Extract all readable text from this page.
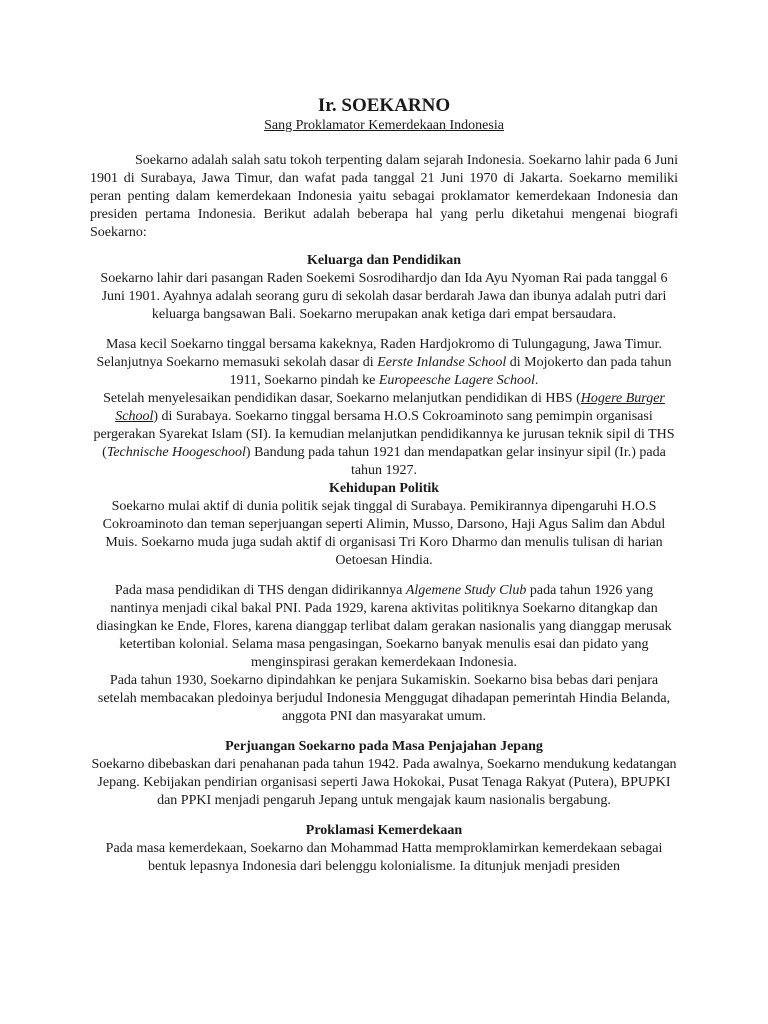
Ir. SOEKARNO

Sang Proklamator Kemerdekaan Indonesia

Soekarno adalah salah satu tokoh terpenting dalam sejarah Indonesia. Soekarno lahir pada 6 Juni 1901 di Surabaya, Jawa Timur, dan wafat pada tanggal 21 Juni 1970 di Jakarta. Soekarno memiliki peran penting dalam kemerdekaan Indonesia yaitu sebagai proklamator kemerdekaan Indonesia dan presiden pertama Indonesia. Berikut adalah beberapa hal yang perlu diketahui mengenai biografi Soekarno:

Keluarga dan Pendidikan

Soekarno lahir dari pasangan Raden Soekemi Sosrodihardjo dan Ida Ayu Nyoman Rai pada tanggal 6 Juni 1901. Ayahnya adalah seorang guru di sekolah dasar berdarah Jawa dan ibunya adalah putri dari keluarga bangsawan Bali. Soekarno merupakan anak ketiga dari empat bersaudara.

Masa kecil Soekarno tinggal bersama kakeknya, Raden Hardjokromo di Tulungagung, Jawa Timur. Selanjutnya Soekarno memasuki sekolah dasar di Eerste Inlandse School di Mojokerto dan pada tahun 1911, Soekarno pindah ke Europeesche Lagere School.

Setelah menyelesaikan pendidikan dasar, Soekarno melanjutkan pendidikan di HBS (Hogere Burger School) di Surabaya. Soekarno tinggal bersama H.O.S Cokroaminoto sang pemimpin organisasi pergerakan Syarekat Islam (SI). Ia kemudian melanjutkan pendidikannya ke jurusan teknik sipil di THS (Technische Hoogeschool) Bandung pada tahun 1921 dan mendapatkan gelar insinyur sipil (Ir.) pada tahun 1927.

Kehidupan Politik

Soekarno mulai aktif di dunia politik sejak tinggal di Surabaya. Pemikirannya dipengaruhi H.O.S Cokroaminoto dan teman seperjuangan seperti Alimin, Musso, Darsono, Haji Agus Salim dan Abdul Muis. Soekarno muda juga sudah aktif di organisasi Tri Koro Dharmo dan menulis tulisan di harian Oetoesan Hindia.

Pada masa pendidikan di THS dengan didirikannya Algemene Study Club pada tahun 1926 yang nantinya menjadi cikal bakal PNI. Pada 1929, karena aktivitas politiknya Soekarno ditangkap dan diasingkan ke Ende, Flores, karena dianggap terlibat dalam gerakan nasionalis yang dianggap merusak ketertiban kolonial. Selama masa pengasingan, Soekarno banyak menulis esai dan pidato yang menginspirasi gerakan kemerdekaan Indonesia.

Pada tahun 1930, Soekarno dipindahkan ke penjara Sukamiskin. Soekarno bisa bebas dari penjara setelah membacakan pledoinya berjudul Indonesia Menggugat dihadapan pemerintah Hindia Belanda, anggota PNI dan masyarakat umum.

Perjuangan Soekarno pada Masa Penjajahan Jepang

Soekarno dibebaskan dari penahanan pada tahun 1942. Pada awalnya, Soekarno mendukung kedatangan Jepang. Kebijakan pendirian organisasi seperti Jawa Hokokai, Pusat Tenaga Rakyat (Putera), BPUPKI dan PPKI menjadi pengaruh Jepang untuk mengajak kaum nasionalis bergabung.

Proklamasi Kemerdekaan

Pada masa kemerdekaan, Soekarno dan Mohammad Hatta memproklamirkan kemerdekaan sebagai bentuk lepasnya Indonesia dari belenggu kolonialisme. Ia ditunjuk menjadi presiden
